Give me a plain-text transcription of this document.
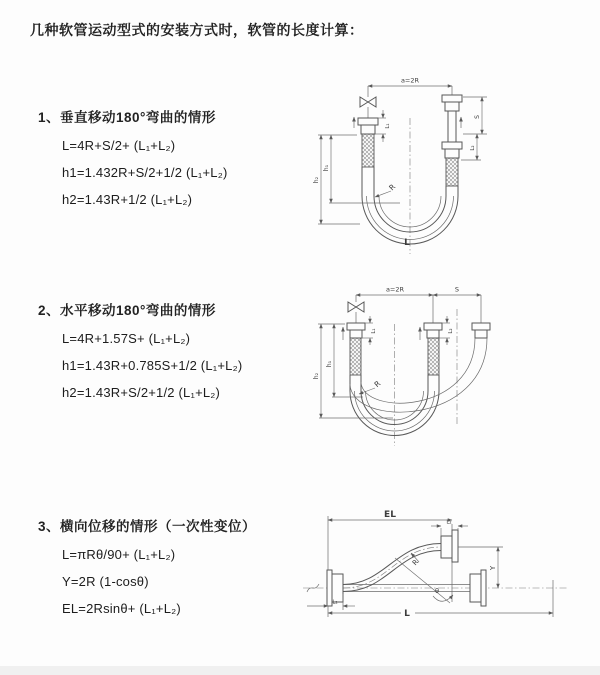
几种软管运动型式的安装方式时，软管的长度计算：
1、垂直移动180°弯曲的情形
L=4R+S/2+ (L₁+L₂)
h1=1.432R+S/2+1/2 (L₁+L₂)
h2=1.43R+1/2 (L₁+L₂)
2、水平移动180°弯曲的情形
L=4R+1.57S+ (L₁+L₂)
h1=1.43R+0.785S+1/2 (L₁+L₂)
h2=1.43R+S/2+1/2 (L₁+L₂)
3、横向位移的情形（一次性变位）
L=πRθ/90+ (L₁+L₂)
Y=2R (1-cosθ)
EL=2Rsinθ+ (L₁+L₂)
a=2R
L₁
S
L₂
h₁
h₂
R
L
a=2R	S
L₁	L₂
h₁
h₂
R
EL
L₂
Y
R
θ
L₁
L
